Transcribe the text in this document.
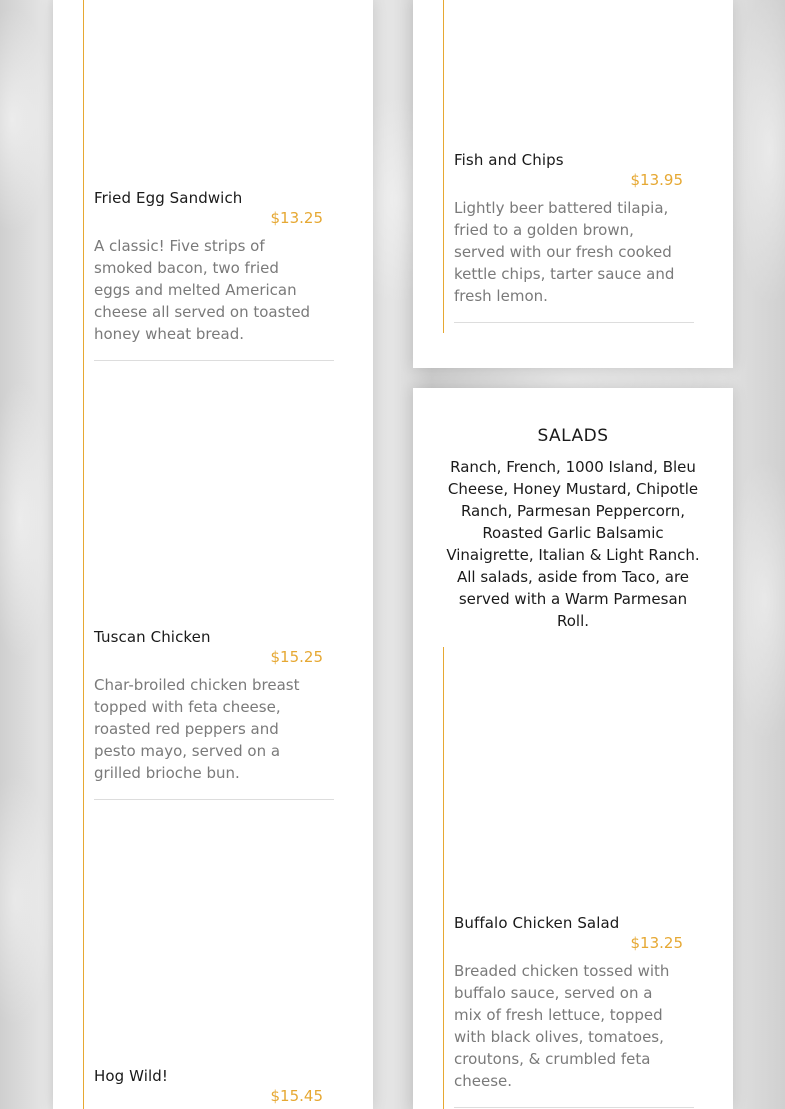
Fried Egg Sandwich
$13.25
A classic! Five strips of smoked bacon, two fried eggs and melted American cheese all served on toasted honey wheat bread.
Tuscan Chicken
$15.25
Char-broiled chicken breast topped with feta cheese, roasted red peppers and pesto mayo, served on a grilled brioche bun.
Hog Wild!
$15.45
Fish and Chips
$13.95
Lightly beer battered tilapia, fried to a golden brown, served with our fresh cooked kettle chips, tarter sauce and fresh lemon.
SALADS
Ranch, French, 1000 Island, Bleu Cheese, Honey Mustard, Chipotle Ranch, Parmesan Peppercorn, Roasted Garlic Balsamic Vinaigrette, Italian & Light Ranch. All salads, aside from Taco, are served with a Warm Parmesan Roll.
Buffalo Chicken Salad
$13.25
Breaded chicken tossed with buffalo sauce, served on a mix of fresh lettuce, topped with black olives, tomatoes, croutons, & crumbled feta cheese.
